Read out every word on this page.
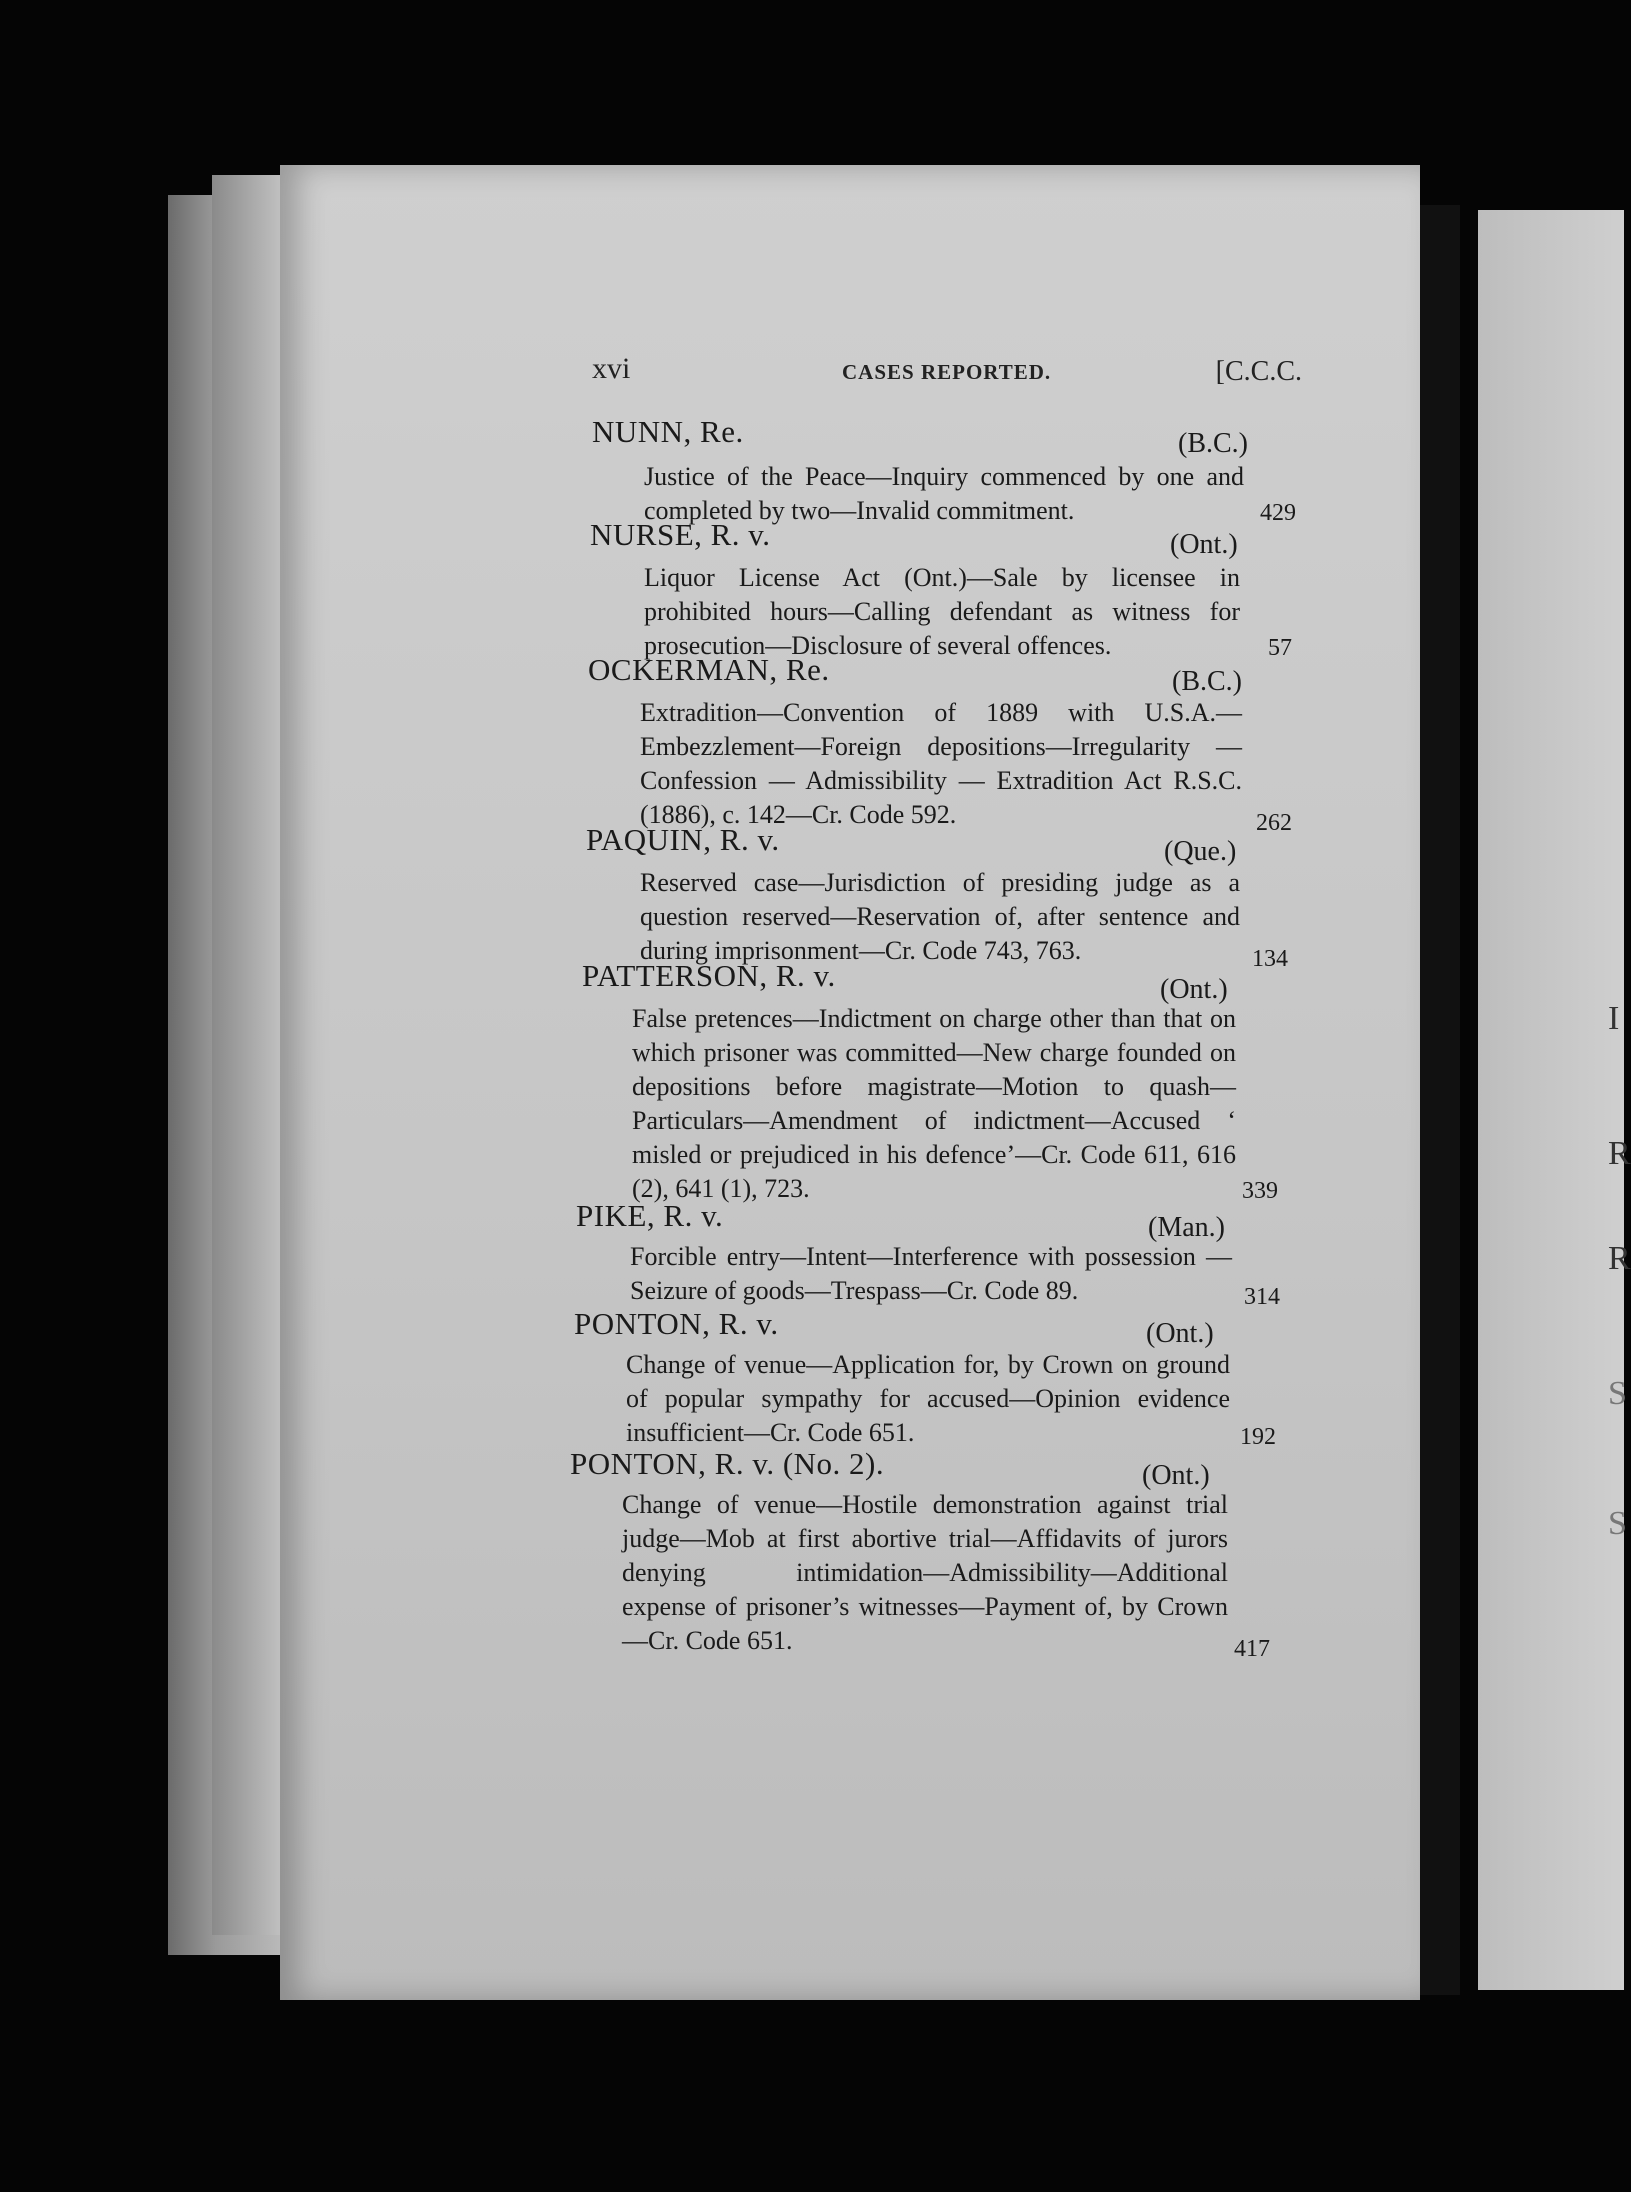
I
R
R
S
S
xvi	CASES REPORTED.	[C.C.C.
NUNN, Re.	(B.C.)
Justice of the Peace—Inquiry commenced by one and completed by two—Invalid commitment.	429
NURSE, R. v.	(Ont.)
Liquor License Act (Ont.)—Sale by licensee in prohibited hours—Calling defendant as witness for prosecution—Disclosure of several offences.	57
OCKERMAN, Re.	(B.C.)
Extradition—Convention of 1889 with U.S.A.—Embezzlement—Foreign depositions—Irregularity —Confession — Admissibility — Extradition Act R.S.C. (1886), c. 142—Cr. Code 592.	262
PAQUIN, R. v.	(Que.)
Reserved case—Jurisdiction of presiding judge as a question reserved—Reservation of, after sentence and during imprisonment—Cr. Code 743, 763.	134
PATTERSON, R. v.	(Ont.)
False pretences—Indictment on charge other than that on which prisoner was committed—New charge founded on depositions before magistrate—Motion to quash—Particulars—Amendment of indictment—Accused ‘ misled or prejudiced in his defence’—Cr. Code 611, 616 (2), 641 (1), 723.	339
PIKE, R. v.	(Man.)
Forcible entry—Intent—Interference with possession —Seizure of goods—Trespass—Cr. Code 89.	314
PONTON, R. v.	(Ont.)
Change of venue—Application for, by Crown on ground of popular sympathy for accused—Opinion evidence insufficient—Cr. Code 651.	192
PONTON, R. v. (No. 2).	(Ont.)
Change of venue—Hostile demonstration against trial judge—Mob at first abortive trial—Affidavits of jurors denying intimidation—Admissibility—Additional expense of prisoner’s witnesses—Payment of, by Crown—Cr. Code 651.	417
